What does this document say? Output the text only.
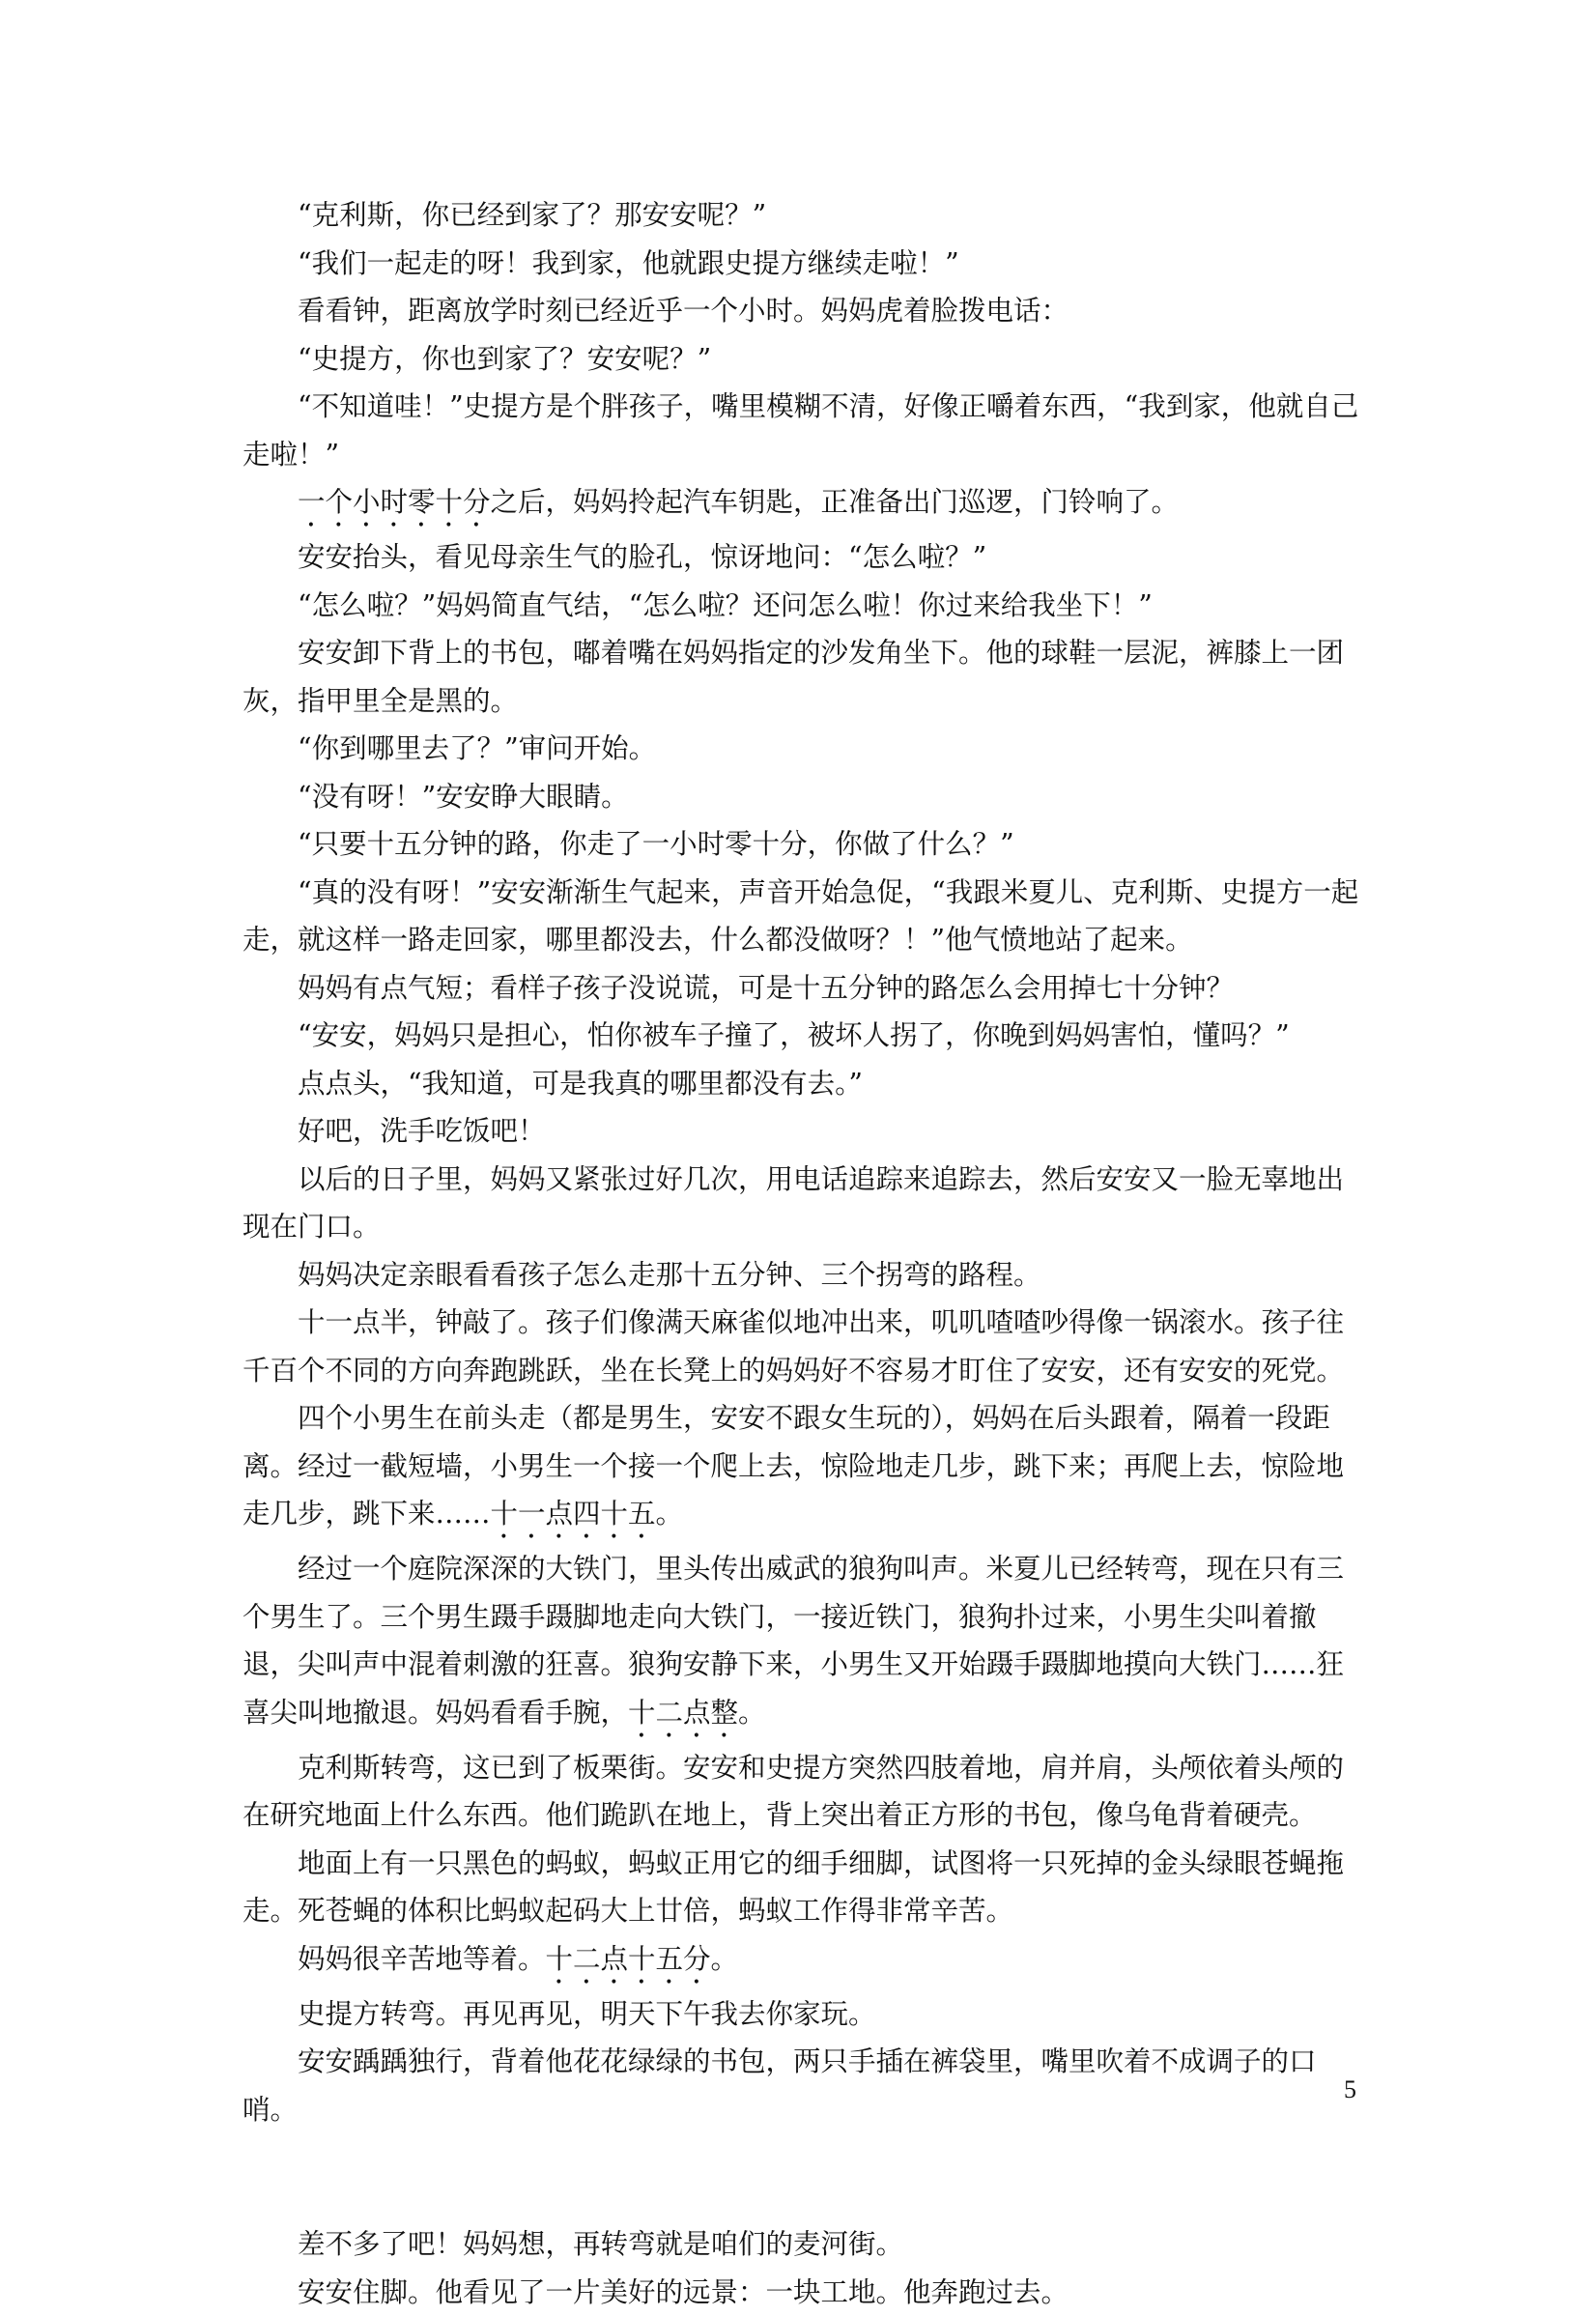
“克利斯，你已经到家了？那安安呢？”

“我们一起走的呀！我到家，他就跟史提方继续走啦！”

看看钟，距离放学时刻已经近乎一个小时。妈妈虎着脸拨电话：

“史提方，你也到家了？安安呢？”

“不知道哇！”史提方是个胖孩子，嘴里模糊不清，好像正嚼着东西，“我到家，他就自己走啦！”

一个小时零十分之后，妈妈拎起汽车钥匙，正准备出门巡逻，门铃响了。

安安抬头，看见母亲生气的脸孔，惊讶地问：“怎么啦？”

“怎么啦？”妈妈简直气结，“怎么啦？还问怎么啦！你过来给我坐下！”

安安卸下背上的书包，嘟着嘴在妈妈指定的沙发角坐下。他的球鞋一层泥，裤膝上一团灰，指甲里全是黑的。

“你到哪里去了？”审问开始。

“没有呀！”安安睁大眼睛。

“只要十五分钟的路，你走了一小时零十分，你做了什么？”

“真的没有呀！”安安渐渐生气起来，声音开始急促，“我跟米夏儿、克利斯、史提方一起走，就这样一路走回家，哪里都没去，什么都没做呀？！”他气愤地站了起来。

妈妈有点气短；看样子孩子没说谎，可是十五分钟的路怎么会用掉七十分钟？

“安安，妈妈只是担心，怕你被车子撞了，被坏人拐了，你晚到妈妈害怕，懂吗？”

点点头，“我知道，可是我真的哪里都没有去。”

好吧，洗手吃饭吧！

以后的日子里，妈妈又紧张过好几次，用电话追踪来追踪去，然后安安又一脸无辜地出现在门口。

妈妈决定亲眼看看孩子怎么走那十五分钟、三个拐弯的路程。

十一点半，钟敲了。孩子们像满天麻雀似地冲出来，叽叽喳喳吵得像一锅滚水。孩子往千百个不同的方向奔跑跳跃，坐在长凳上的妈妈好不容易才盯住了安安，还有安安的死党。

四个小男生在前头走（都是男生，安安不跟女生玩的），妈妈在后头跟着，隔着一段距离。经过一截短墙，小男生一个接一个爬上去，惊险地走几步，跳下来；再爬上去，惊险地走几步，跳下来……十一点四十五。

经过一个庭院深深的大铁门，里头传出威武的狼狗叫声。米夏儿已经转弯，现在只有三个男生了。三个男生蹑手蹑脚地走向大铁门，一接近铁门，狼狗扑过来，小男生尖叫着撤退，尖叫声中混着刺激的狂喜。狼狗安静下来，小男生又开始蹑手蹑脚地摸向大铁门……狂喜尖叫地撤退。妈妈看看手腕，十二点整。

克利斯转弯，这已到了板栗街。安安和史提方突然四肢着地，肩并肩，头颅依着头颅的在研究地面上什么东西。他们跪趴在地上，背上突出着正方形的书包，像乌龟背着硬壳。

地面上有一只黑色的蚂蚁，蚂蚁正用它的细手细脚，试图将一只死掉的金头绿眼苍蝇拖走。死苍蝇的体积比蚂蚁起码大上廿倍，蚂蚁工作得非常辛苦。

妈妈很辛苦地等着。十二点十五分。

史提方转弯。再见再见，明天下午我去你家玩。

安安踽踽独行，背着他花花绿绿的书包，两只手插在裤袋里，嘴里吹着不成调子的口哨。

差不多了吧！妈妈想，再转弯就是咱们的麦河街。

安安住脚。他看见了一片美好的远景：一块工地。他奔跑过去。

5
